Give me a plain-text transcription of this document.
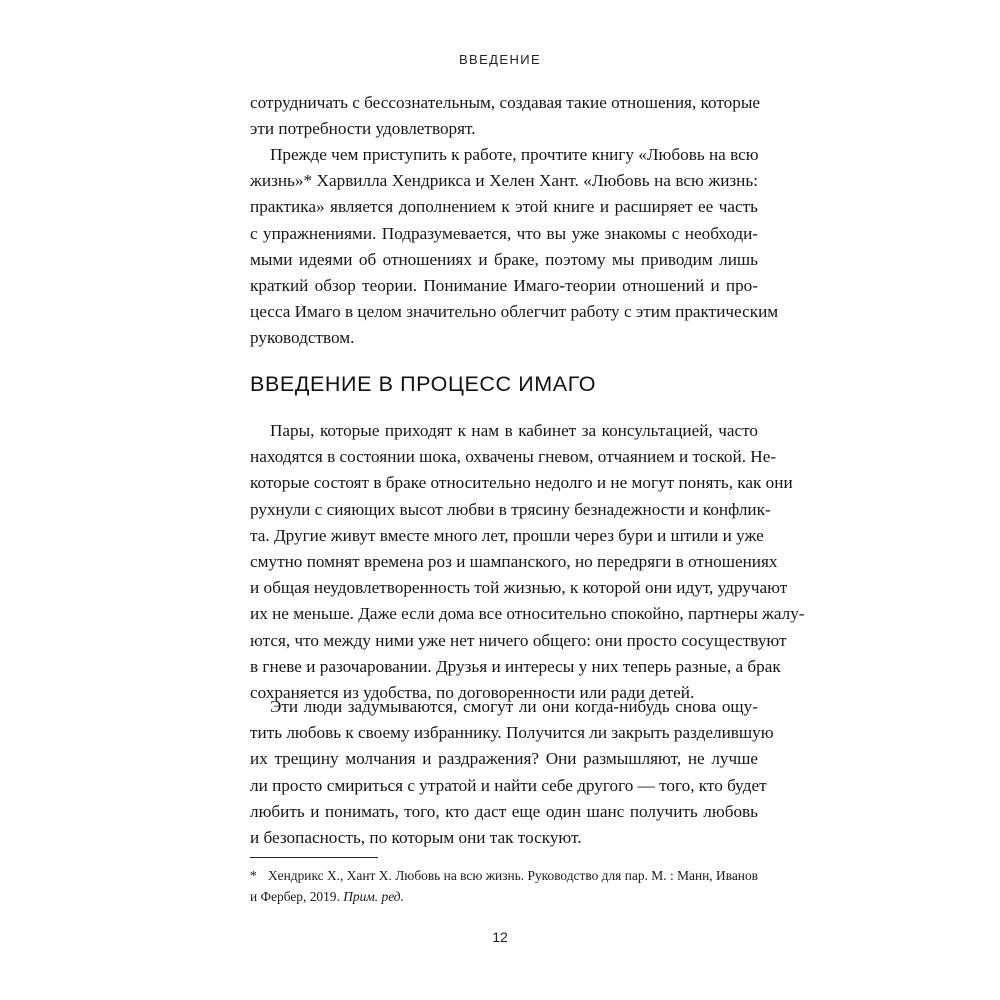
ВВЕДЕНИЕ
сотрудничать с бессознательным, создавая такие отношения, которые
эти потребности удовлетворят.
Прежде чем приступить к работе, прочтите книгу «Любовь на всю
жизнь»* Харвилла Хендрикса и Хелен Хант. «Любовь на всю жизнь:
практика» является дополнением к этой книге и расширяет ее часть
с упражнениями. Подразумевается, что вы уже знакомы с необходи-
мыми идеями об отношениях и браке, поэтому мы приводим лишь
краткий обзор теории. Понимание Имаго-теории отношений и про-
цесса Имаго в целом значительно облегчит работу с этим практическим
руководством.
ВВЕДЕНИЕ В ПРОЦЕСС ИМАГО
Пары, которые приходят к нам в кабинет за консультацией, часто
находятся в состоянии шока, охвачены гневом, отчаянием и тоской. Не-
которые состоят в браке относительно недолго и не могут понять, как они
рухнули с сияющих высот любви в трясину безнадежности и конфлик-
та. Другие живут вместе много лет, прошли через бури и штили и уже
смутно помнят времена роз и шампанского, но передряги в отношениях
и общая неудовлетворенность той жизнью, к которой они идут, удручают
их не меньше. Даже если дома все относительно спокойно, партнеры жалу-
ются, что между ними уже нет ничего общего: они просто сосуществуют
в гневе и разочаровании. Друзья и интересы у них теперь разные, а брак
сохраняется из удобства, по договоренности или ради детей.
Эти люди задумываются, смогут ли они когда-нибудь снова ощу-
тить любовь к своему избраннику. Получится ли закрыть разделившую
их трещину молчания и раздражения? Они размышляют, не лучше
ли просто смириться с утратой и найти себе другого — того, кто будет
любить и понимать, того, кто даст еще один шанс получить любовь
и безопасность, по которым они так тоскуют.
* Хендрикс Х., Хант Х. Любовь на всю жизнь. Руководство для пар. М. : Манн, Иванов
и Фербер, 2019. Прим. ред.
12
